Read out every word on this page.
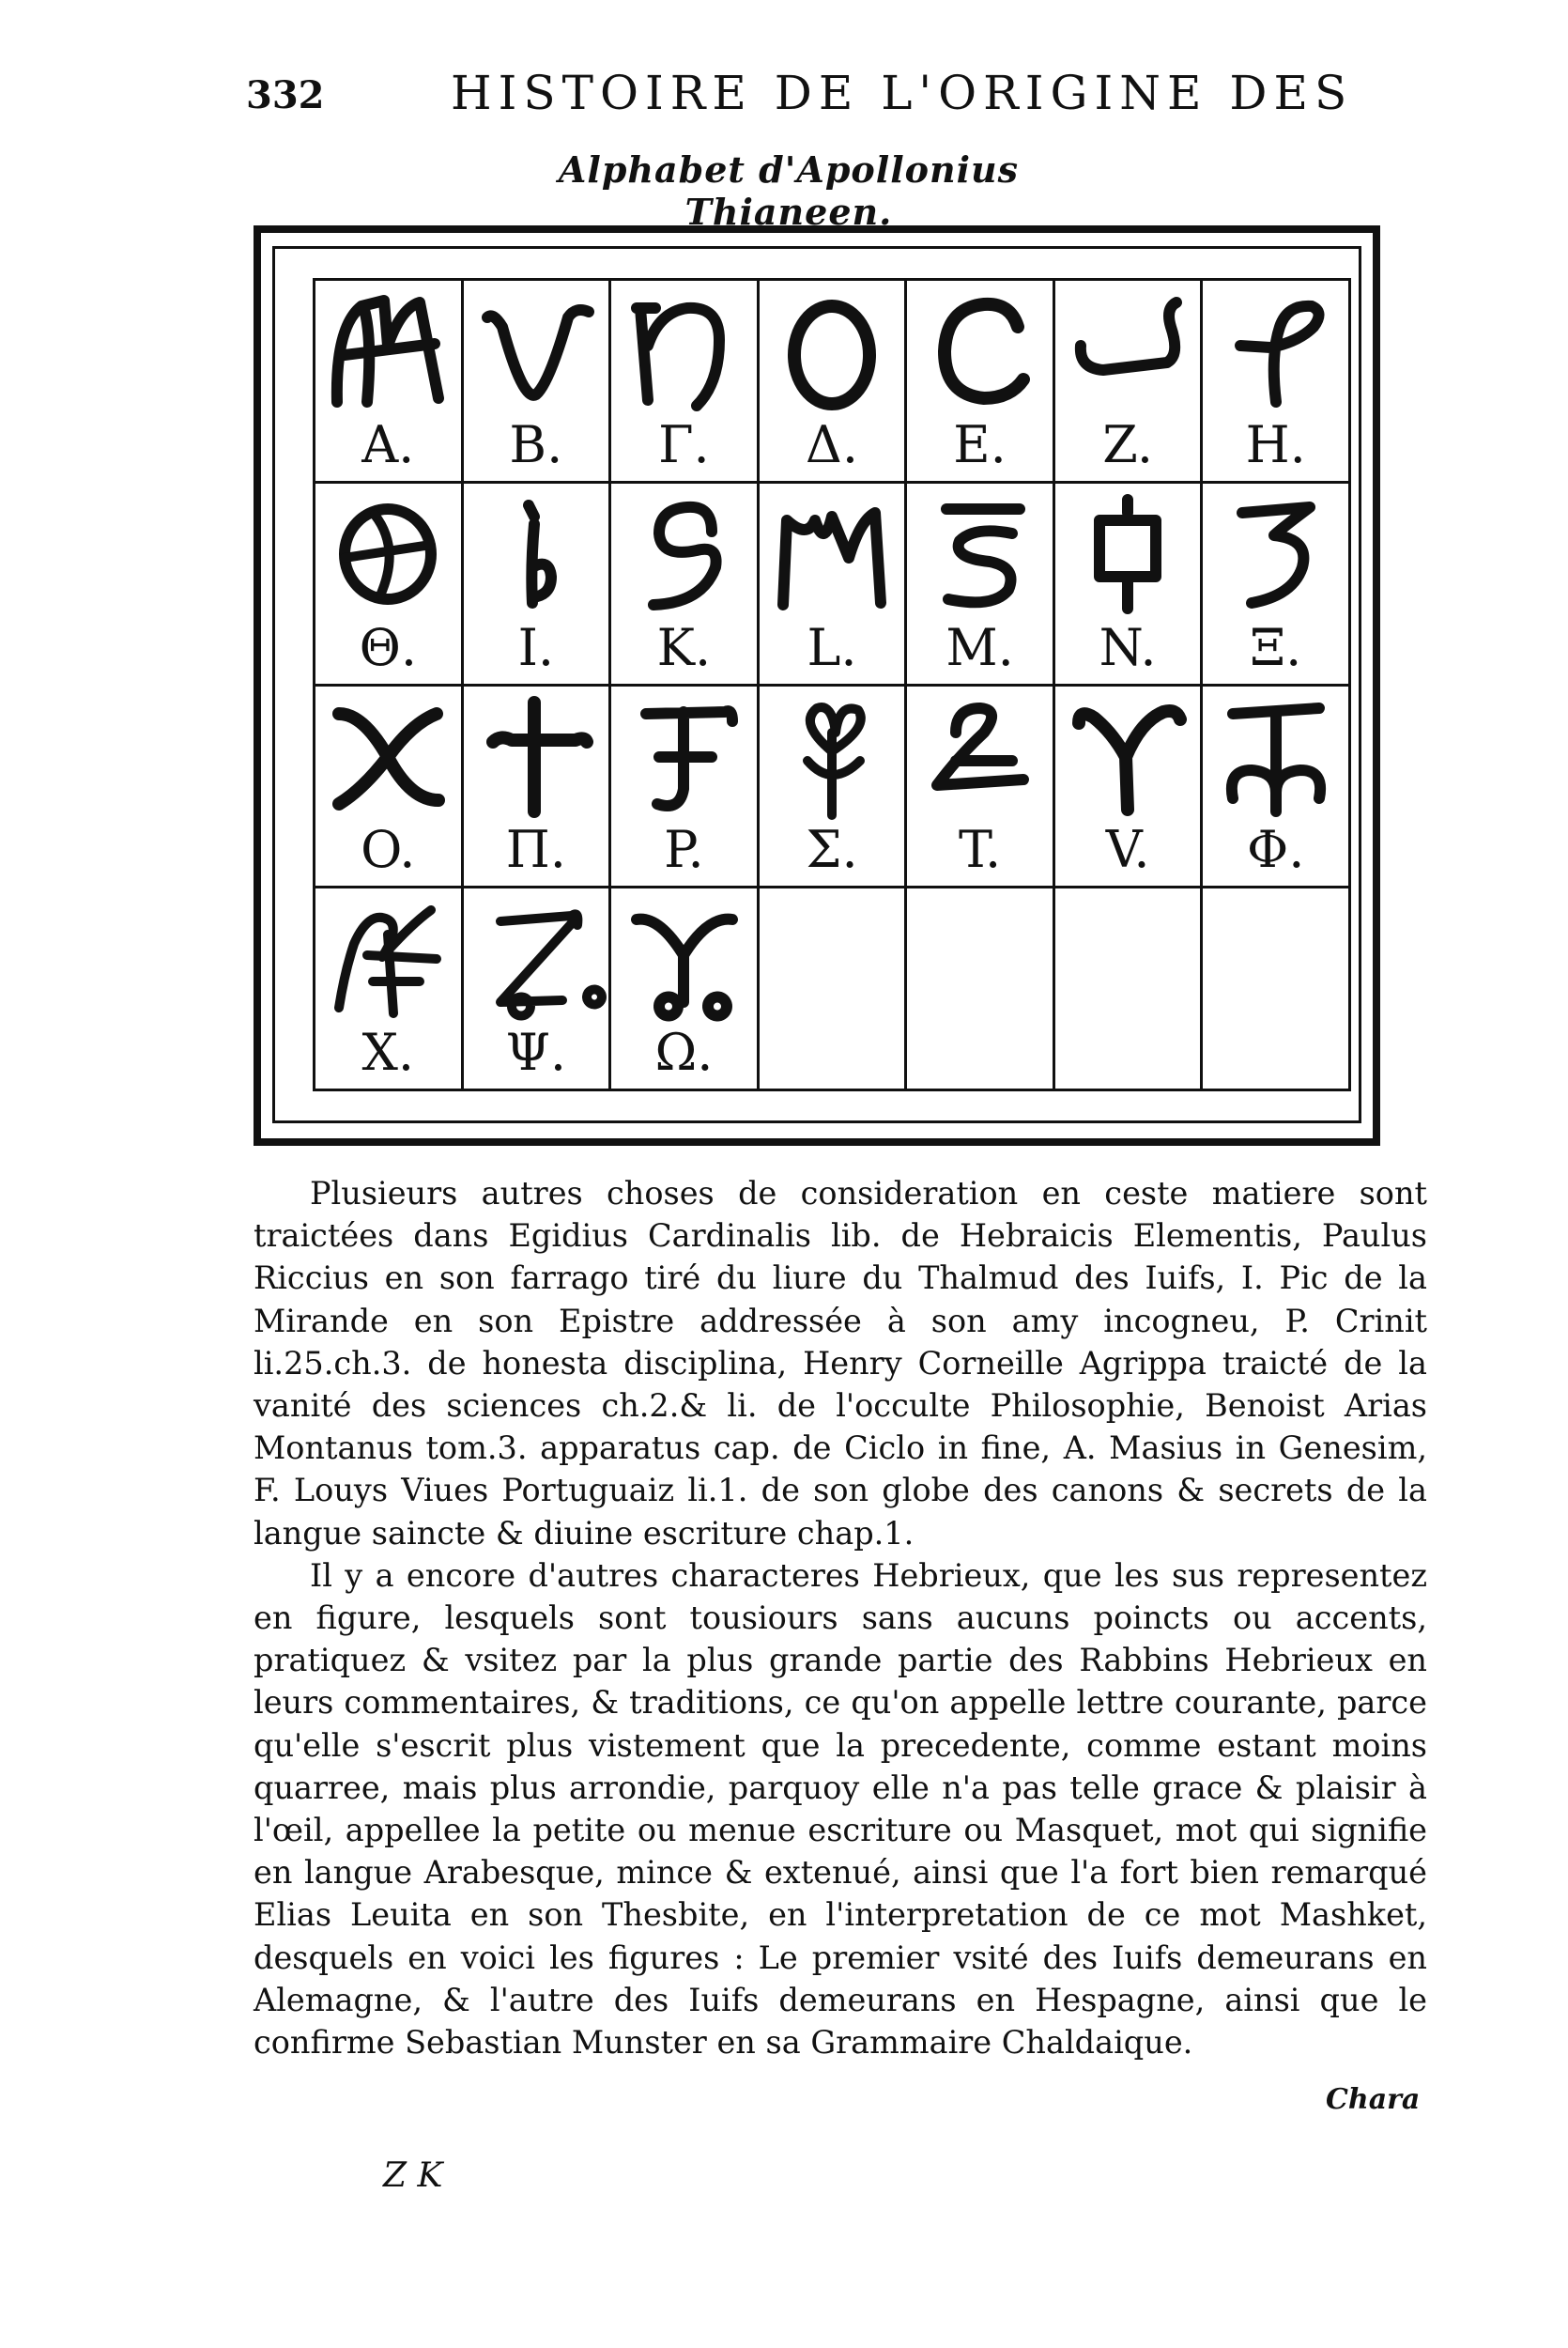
332	HISTOIRE DE L'ORIGINE DES
Alphabet d'Apollonius Thianeen.
A.	B.	Γ.	Δ.	E.	Z.	H.
Θ.	I.	K.	L.	M.	N.	Ξ.
O.	Π.	P.	Σ.	T.	V.	Φ.
X.	Ψ.	Ω.

Plusieurs autres choses de consideration en ceste matiere sont traictées dans Egidius Cardinalis lib. de Hebraicis Elementis, Paulus Riccius en son farrago tiré du liure du Thalmud des Iuifs, I. Pic de la Mirande en son Epistre addressée à son amy incogneu, P. Crinit li.25.ch.3. de honesta disciplina, Henry Corneille Agrippa traicté de la vanité des sciences ch.2.& li. de l'occulte Philosophie, Benoist Arias Montanus tom.3. apparatus cap. de Ciclo in fine, A. Masius in Genesim, F. Louys Viues Portuguaiz li.1. de son globe des canons & secrets de la langue saincte & diuine escriture chap.1.

Il y a encore d'autres characteres Hebrieux, que les sus representez en figure, lesquels sont tousiours sans aucuns poincts ou accents, pratiquez & vsitez par la plus grande partie des Rabbins Hebrieux en leurs commentaires, & traditions, ce qu'on appelle lettre courante, parce qu'elle s'escrit plus vistement que la precedente, comme estant moins quarree, mais plus arrondie, parquoy elle n'a pas telle grace & plaisir à l'œil, appellee la petite ou menue escriture ou Masquet, mot qui signifie en langue Arabesque, mince & extenué, ainsi que l'a fort bien remarqué Elias Leuita en son Thesbite, en l'interpretation de ce mot Mashket, desquels en voici les figures : Le premier vsité des Iuifs demeurans en Alemagne, & l'autre des Iuifs demeurans en Hespagne, ainsi que le confirme Sebastian Munster en sa Grammaire Chaldaique.

Chara
Z K
